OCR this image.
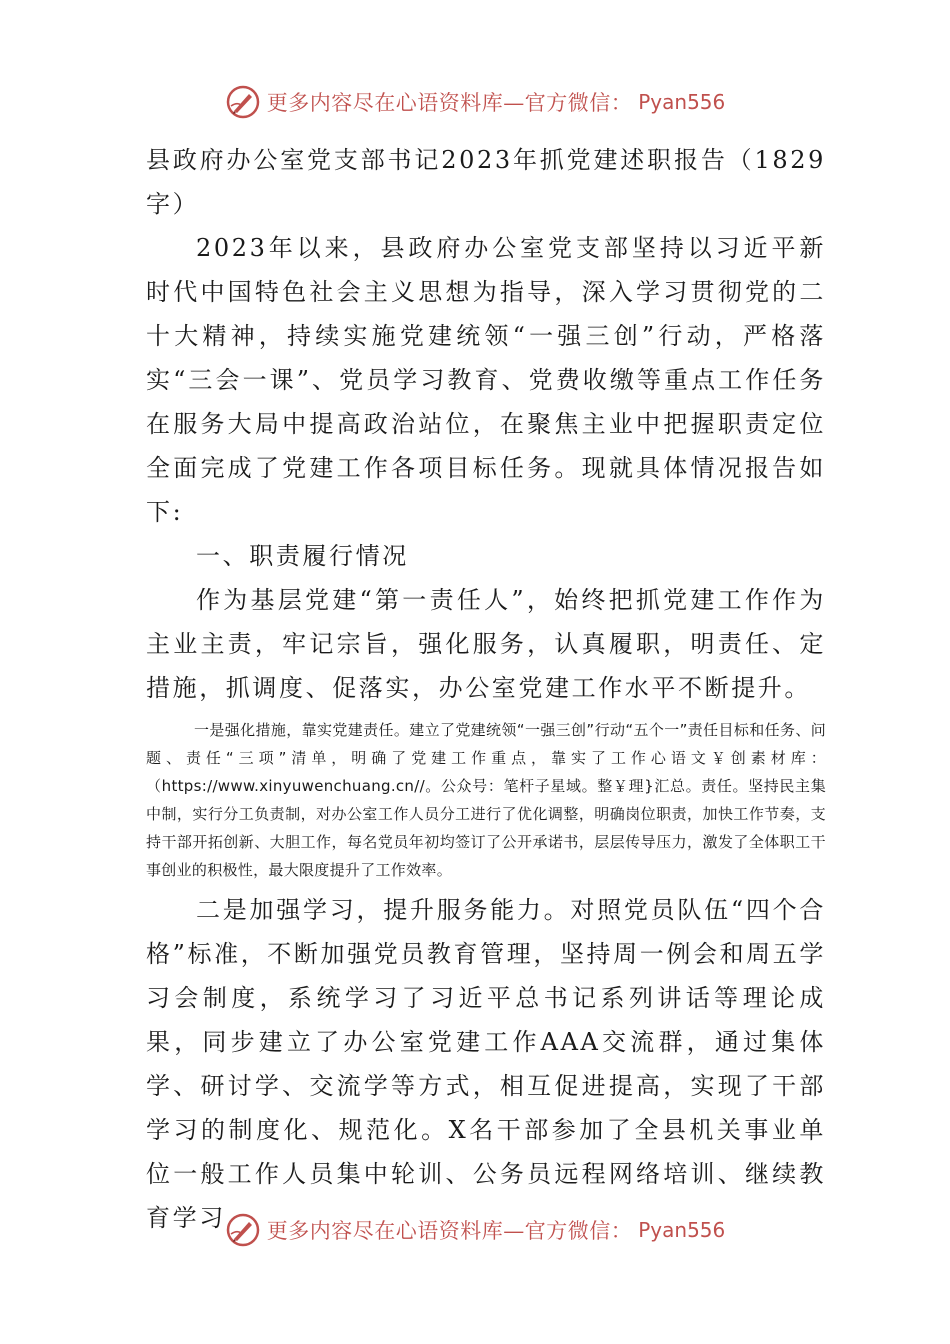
更多内容尽在心语资料库—官方微信： Pyan556

县政府办公室党支部书记2023年抓党建述职报告（1829字）

2023年以来，县政府办公室党支部坚持以习近平新时代中国特色社会主义思想为指导，深入学习贯彻党的二十大精神，持续实施党建统领“一强三创”行动，严格落实“三会一课”、党员学习教育、党费收缴等重点工作任务在服务大局中提高政治站位，在聚焦主业中把握职责定位全面完成了党建工作各项目标任务。现就具体情况报告如下:

一、职责履行情况

作为基层党建“第一责任人”，始终把抓党建工作作为主业主责，牢记宗旨，强化服务，认真履职，明责任、定措施，抓调度、促落实，办公室党建工作水平不断提升。

一是强化措施，靠实党建责任。建立了党建统领“一强三创”行动“五个一”责任目标和任务、问题、责任“三项”清单，明确了党建工作重点，靠实了工作心语文￥创素材库：（https://www.xinyuwenchuang.cn//。公众号：笔杆子星域。整￥理}汇总。责任。坚持民主集中制，实行分工负责制，对办公室工作人员分工进行了优化调整，明确岗位职责，加快工作节奏，支持干部开拓创新、大胆工作，每名党员年初均签订了公开承诺书，层层传导压力，激发了全体职工干事创业的积极性，最大限度提升了工作效率。

二是加强学习，提升服务能力。对照党员队伍“四个合格”标准，不断加强党员教育管理，坚持周一例会和周五学习会制度，系统学习了习近平总书记系列讲话等理论成果，同步建立了办公室党建工作AAA交流群，通过集体学、研讨学、交流学等方式，相互促进提高，实现了干部学习的制度化、规范化。X名干部参加了全县机关事业单位一般工作人员集中轮训、公务员远程网络培训、继续教育学习	更多内容尽在心语资料库—官方微信： Pyan556
